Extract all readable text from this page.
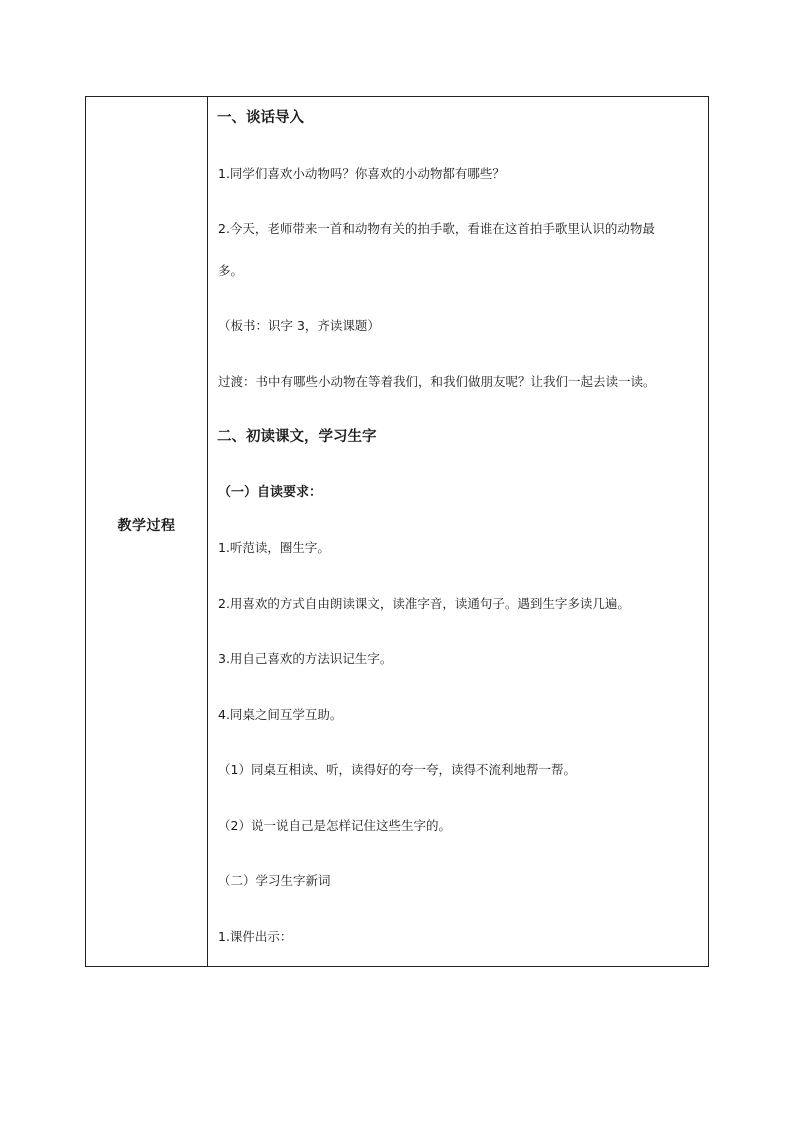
教学过程
一、谈话导入
1.同学们喜欢小动物吗？你喜欢的小动物都有哪些？
2.今天，老师带来一首和动物有关的拍手歌，看谁在这首拍手歌里认识的动物最
多。
（板书：识字 3，齐读课题）
过渡：书中有哪些小动物在等着我们，和我们做朋友呢？让我们一起去读一读。
二、初读课文，学习生字
（一）自读要求：
1.听范读，圈生字。
2.用喜欢的方式自由朗读课文，读准字音，读通句子。遇到生字多读几遍。
3.用自己喜欢的方法识记生字。
4.同桌之间互学互助。
（1）同桌互相读、听，读得好的夸一夸，读得不流利地帮一帮。
（2）说一说自己是怎样记住这些生字的。
（二）学习生字新词
1.课件出示：
